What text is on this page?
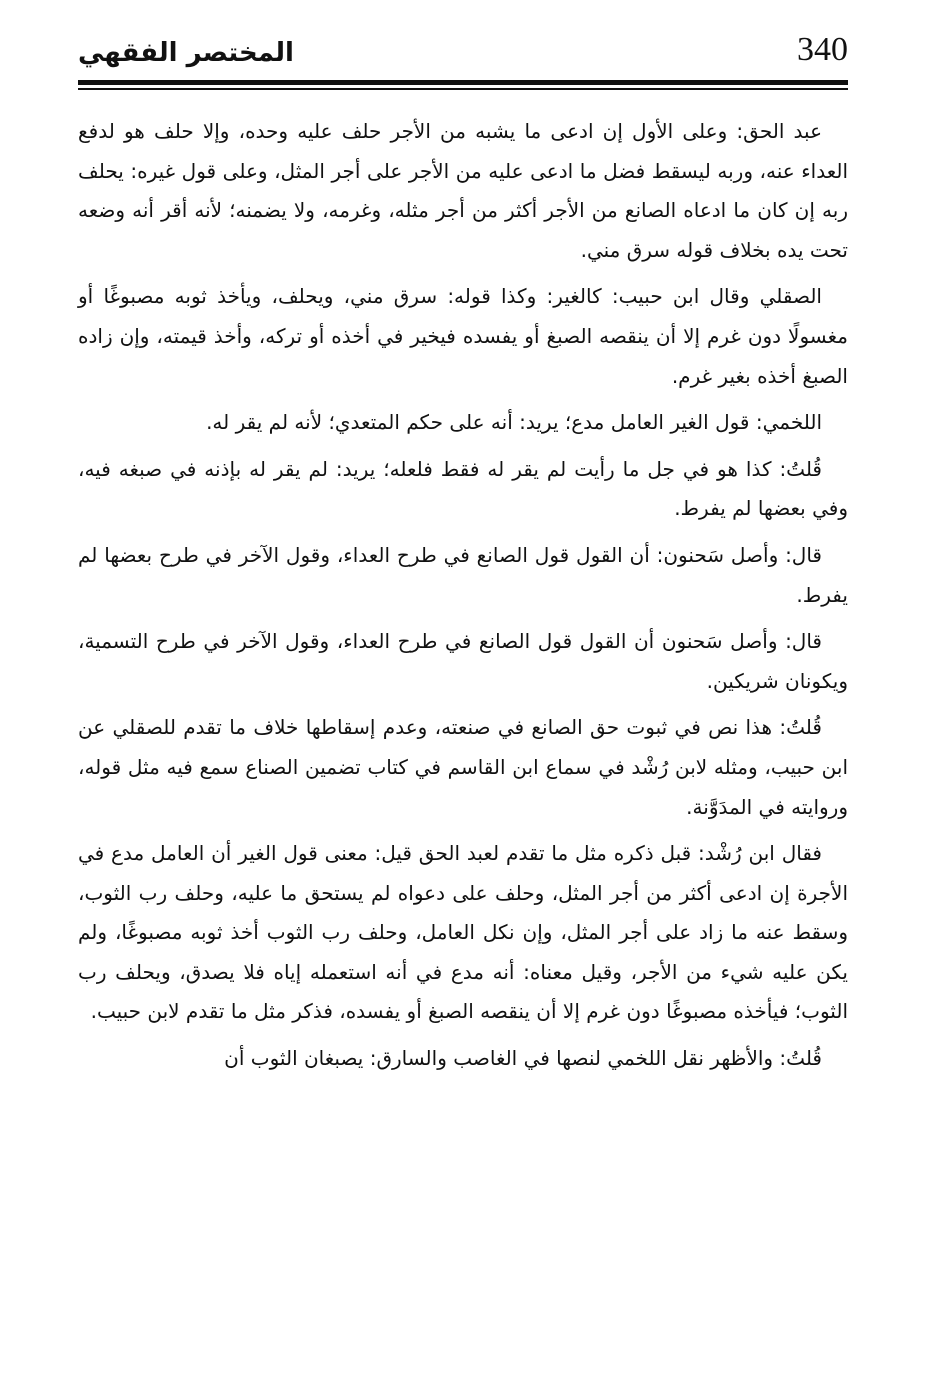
340
المختصر الفقهي

عبد الحق: وعلى الأول إن ادعى ما يشبه من الأجر حلف عليه وحده، وإلا حلف هو لدفع العداء عنه، وربه ليسقط فضل ما ادعى عليه من الأجر على أجر المثل، وعلى قول غيره: يحلف ربه إن كان ما ادعاه الصانع من الأجر أكثر من أجر مثله، وغرمه، ولا يضمنه؛ لأنه أقر أنه وضعه تحت يده بخلاف قوله سرق مني.

الصقلي وقال ابن حبيب: كالغير: وكذا قوله: سرق مني، ويحلف، ويأخذ ثوبه مصبوغًا أو مغسولًا دون غرم إلا أن ينقصه الصبغ أو يفسده فيخير في أخذه أو تركه، وأخذ قيمته، وإن زاده الصبغ أخذه بغير غرم.

اللخمي: قول الغير العامل مدع؛ يريد: أنه على حكم المتعدي؛ لأنه لم يقر له.

قُلتُ: كذا هو في جل ما رأيت لم يقر له فقط فلعله؛ يريد: لم يقر له بإذنه في صبغه فيه، وفي بعضها لم يفرط.

قال: وأصل سَحنون: أن القول قول الصانع في طرح العداء، وقول الآخر في طرح بعضها لم يفرط.

قال: وأصل سَحنون أن القول قول الصانع في طرح العداء، وقول الآخر في طرح التسمية، ويكونان شريكين.

قُلتُ: هذا نص في ثبوت حق الصانع في صنعته، وعدم إسقاطها خلاف ما تقدم للصقلي عن ابن حبيب، ومثله لابن رُشْد في سماع ابن القاسم في كتاب تضمين الصناع سمع فيه مثل قوله، وروايته في المدَوَّنة.

فقال ابن رُشْد: قبل ذكره مثل ما تقدم لعبد الحق قيل: معنى قول الغير أن العامل مدع في الأجرة إن ادعى أكثر من أجر المثل، وحلف على دعواه لم يستحق ما عليه، وحلف رب الثوب، وسقط عنه ما زاد على أجر المثل، وإن نكل العامل، وحلف رب الثوب أخذ ثوبه مصبوغًا، ولم يكن عليه شيء من الأجر، وقيل معناه: أنه مدع في أنه استعمله إياه فلا يصدق، ويحلف رب الثوب؛ فيأخذه مصبوغًا دون غرم إلا أن ينقصه الصبغ أو يفسده، فذكر مثل ما تقدم لابن حبيب.

قُلتُ: والأظهر نقل اللخمي لنصها في الغاصب والسارق: يصبغان الثوب أن
